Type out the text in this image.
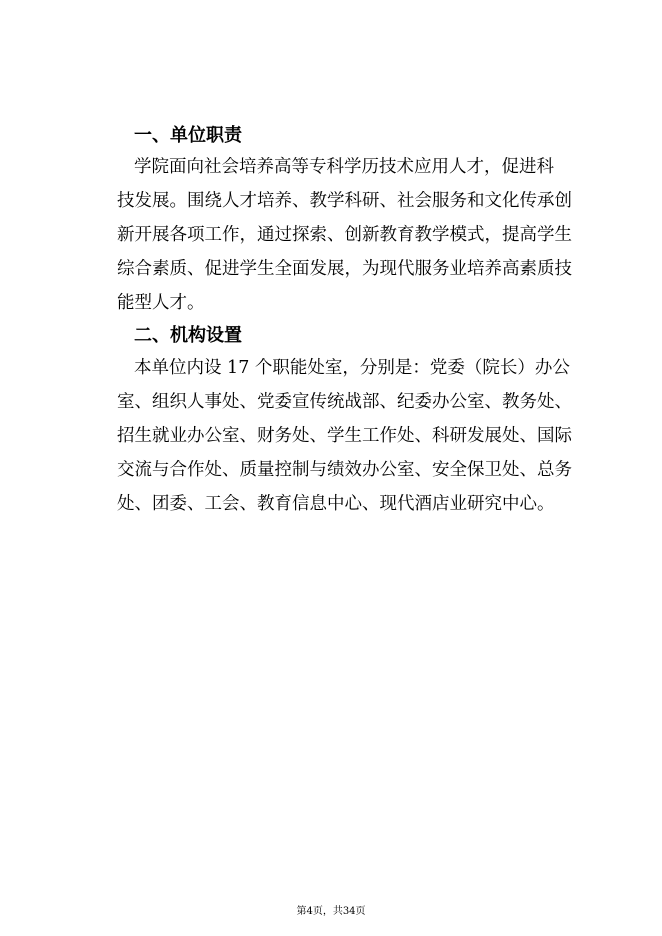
一、单位职责
学院面向社会培养高等专科学历技术应用人才，促进科
技发展。围绕人才培养、教学科研、社会服务和文化传承创
新开展各项工作，通过探索、创新教育教学模式，提高学生
综合素质、促进学生全面发展，为现代服务业培养高素质技
能型人才。
二、机构设置
本单位内设 17 个职能处室，分别是：党委（院长）办公
室、组织人事处、党委宣传统战部、纪委办公室、教务处、
招生就业办公室、财务处、学生工作处、科研发展处、国际
交流与合作处、质量控制与绩效办公室、安全保卫处、总务
处、团委、工会、教育信息中心、现代酒店业研究中心。
第4页，共34页
